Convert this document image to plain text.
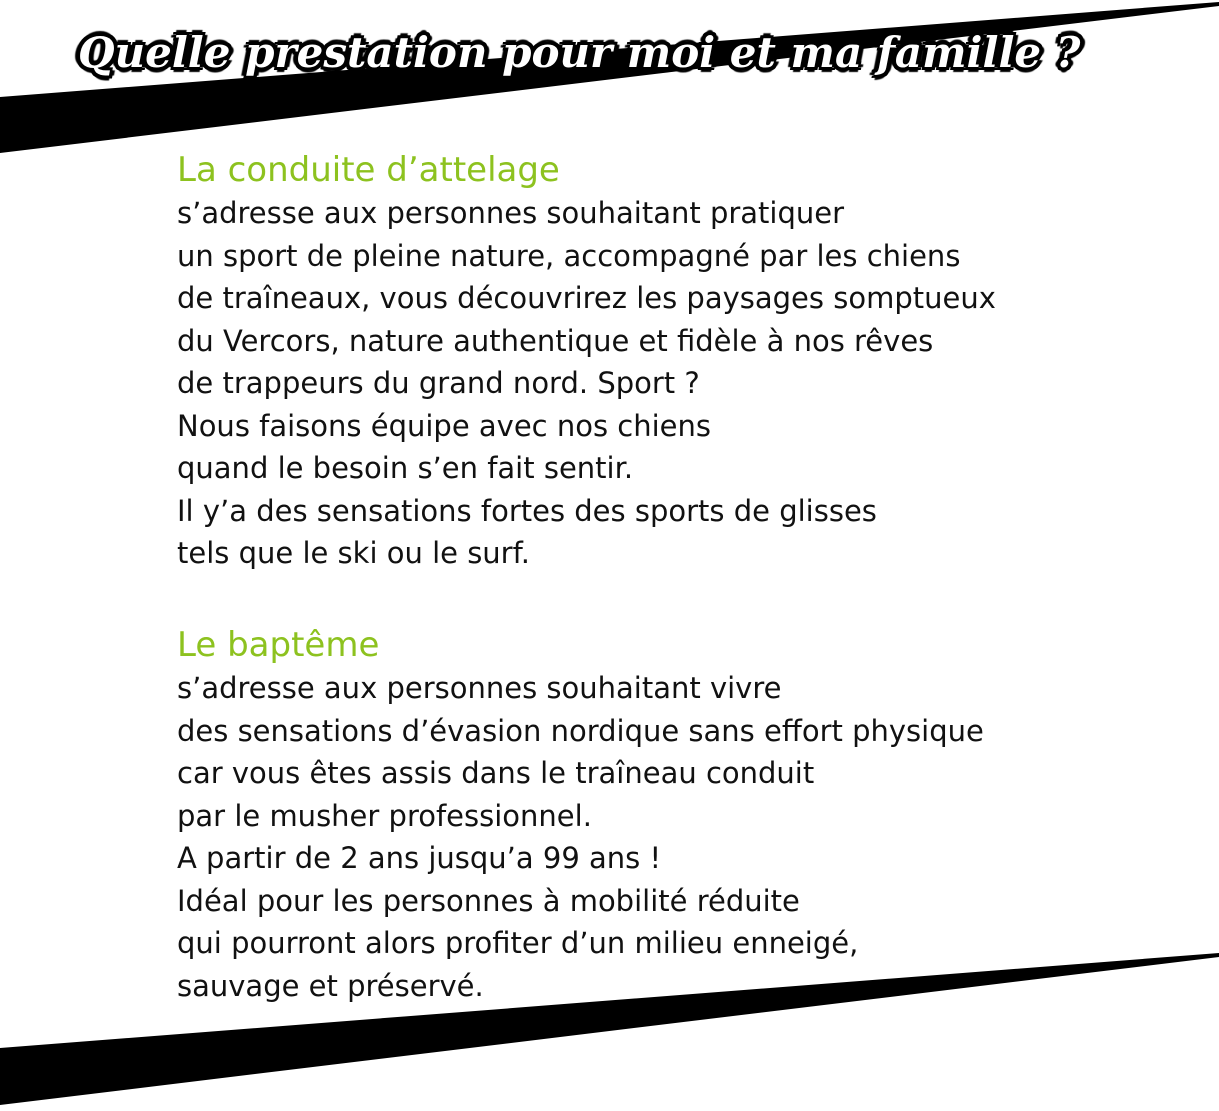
Quelle prestation pour moi et ma famille ?
La conduite d’attelage
s’adresse aux personnes souhaitant pratiquer
un sport de pleine nature, accompagné par les chiens
de traîneaux, vous découvrirez les paysages somptueux
du Vercors, nature authentique et fidèle à nos rêves
de trappeurs du grand nord. Sport ?
Nous faisons équipe avec nos chiens
quand le besoin s’en fait sentir.
Il y’a des sensations fortes des sports de glisses
tels que le ski ou le surf.
Le baptême
s’adresse aux personnes souhaitant vivre
des sensations d’évasion nordique sans effort physique
car vous êtes assis dans le traîneau conduit
par le musher professionnel.
A partir de 2 ans jusqu’a 99 ans !
Idéal pour les personnes à mobilité réduite
qui pourront alors profiter d’un milieu enneigé,
sauvage et préservé.
